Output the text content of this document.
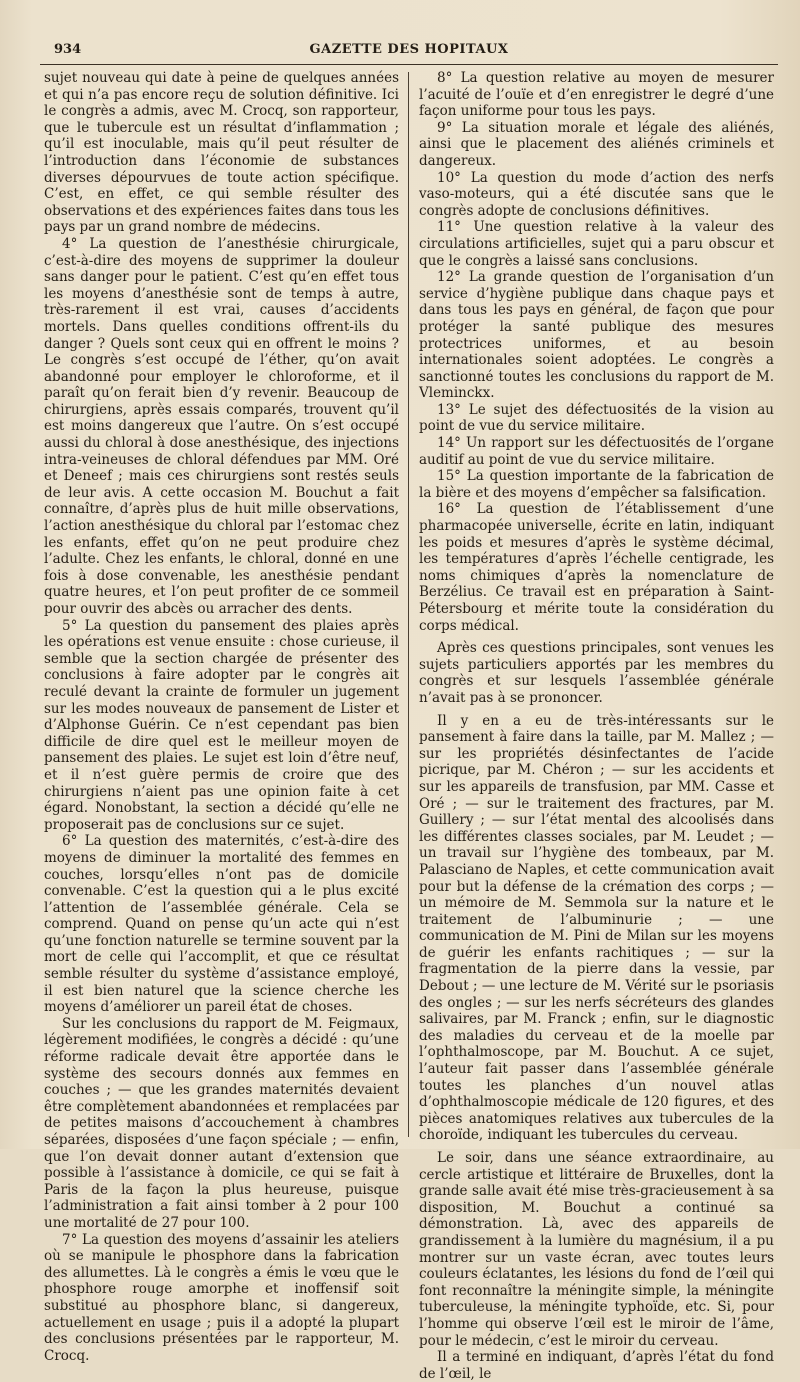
934	GAZETTE DES HOPITAUX

sujet nouveau qui date à peine de quelques années et qui n’a pas encore reçu de solution définitive. Ici le congrès a admis, avec M. Crocq, son rapporteur, que le tubercule est un résultat d’inflammation ; qu’il est inoculable, mais qu’il peut résulter de l’introduction dans l’économie de substances diverses dépourvues de toute action spécifique. C’est, en effet, ce qui semble résulter des observations et des expériences faites dans tous les pays par un grand nombre de médecins.

4° La question de l’anesthésie chirurgicale, c’est-à-dire des moyens de supprimer la douleur sans danger pour le patient. C’est qu’en effet tous les moyens d’anesthésie sont de temps à autre, très-rarement il est vrai, causes d’accidents mortels. Dans quelles conditions offrent-ils du danger ? Quels sont ceux qui en offrent le moins ? Le congrès s’est occupé de l’éther, qu’on avait abandonné pour employer le chloroforme, et il paraît qu’on ferait bien d’y revenir. Beaucoup de chirurgiens, après essais comparés, trouvent qu’il est moins dangereux que l’autre. On s’est occupé aussi du chloral à dose anesthésique, des injections intra-veineuses de chloral défendues par MM. Oré et Deneef ; mais ces chirurgiens sont restés seuls de leur avis. A cette occasion M. Bouchut a fait connaître, d’après plus de huit mille observations, l’action anesthésique du chloral par l’estomac chez les enfants, effet qu’on ne peut produire chez l’adulte. Chez les enfants, le chloral, donné en une fois à dose convenable, les anesthésie pendant quatre heures, et l’on peut profiter de ce sommeil pour ouvrir des abcès ou arracher des dents.

5° La question du pansement des plaies après les opérations est venue ensuite : chose curieuse, il semble que la section chargée de présenter des conclusions à faire adopter par le congrès ait reculé devant la crainte de formuler un jugement sur les modes nouveaux de pansement de Lister et d’Alphonse Guérin. Ce n’est cependant pas bien difficile de dire quel est le meilleur moyen de pansement des plaies. Le sujet est loin d’être neuf, et il n’est guère permis de croire que des chirurgiens n’aient pas une opinion faite à cet égard. Nonobstant, la section a décidé qu’elle ne proposerait pas de conclusions sur ce sujet.

6° La question des maternités, c’est-à-dire des moyens de diminuer la mortalité des femmes en couches, lorsqu’elles n’ont pas de domicile convenable. C’est la question qui a le plus excité l’attention de l’assemblée générale. Cela se comprend. Quand on pense qu’un acte qui n’est qu’une fonction naturelle se termine souvent par la mort de celle qui l’accomplit, et que ce résultat semble résulter du système d’assistance employé, il est bien naturel que la science cherche les moyens d’améliorer un pareil état de choses.

Sur les conclusions du rapport de M. Feigmaux, légèrement modifiées, le congrès a décidé : qu’une réforme radicale devait être apportée dans le système des secours donnés aux femmes en couches ; — que les grandes maternités devaient être complètement abandonnées et remplacées par de petites maisons d’accouchement à chambres séparées, disposées d’une façon spéciale ; — enfin, que l’on devait donner autant d’extension que possible à l’assistance à domicile, ce qui se fait à Paris de la façon la plus heureuse, puisque l’administration a fait ainsi tomber à 2 pour 100 une mortalité de 27 pour 100.

7° La question des moyens d’assainir les ateliers où se manipule le phosphore dans la fabrication des allumettes. Là le congrès a émis le vœu que le phosphore rouge amorphe et inoffensif soit substitué au phosphore blanc, si dangereux, actuellement en usage ; puis il a adopté la plupart des conclusions présentées par le rapporteur, M. Crocq.

8° La question relative au moyen de mesurer l’acuité de l’ouïe et d’en enregistrer le degré d’une façon uniforme pour tous les pays.

9° La situation morale et légale des aliénés, ainsi que le placement des aliénés criminels et dangereux.

10° La question du mode d’action des nerfs vaso-moteurs, qui a été discutée sans que le congrès adopte de conclusions définitives.

11° Une question relative à la valeur des circulations artificielles, sujet qui a paru obscur et que le congrès a laissé sans conclusions.

12° La grande question de l’organisation d’un service d’hygiène publique dans chaque pays et dans tous les pays en général, de façon que pour protéger la santé publique des mesures protectrices uniformes, et au besoin internationales soient adoptées. Le congrès a sanctionné toutes les conclusions du rapport de M. Vleminckx.

13° Le sujet des défectuosités de la vision au point de vue du service militaire.

14° Un rapport sur les défectuosités de l’organe auditif au point de vue du service militaire.

15° La question importante de la fabrication de la bière et des moyens d’empêcher sa falsification.

16° La question de l’établissement d’une pharmacopée universelle, écrite en latin, indiquant les poids et mesures d’après le système décimal, les températures d’après l’échelle centigrade, les noms chimiques d’après la nomenclature de Berzélius. Ce travail est en préparation à Saint-Pétersbourg et mérite toute la considération du corps médical.

Après ces questions principales, sont venues les sujets particuliers apportés par les membres du congrès et sur lesquels l’assemblée générale n’avait pas à se prononcer.

Il y en a eu de très-intéressants sur le pansement à faire dans la taille, par M. Mallez ; — sur les propriétés désinfectantes de l’acide picrique, par M. Chéron ; — sur les accidents et sur les appareils de transfusion, par MM. Casse et Oré ; — sur le traitement des fractures, par M. Guillery ; — sur l’état mental des alcoolisés dans les différentes classes sociales, par M. Leudet ; — un travail sur l’hygiène des tombeaux, par M. Palasciano de Naples, et cette communication avait pour but la défense de la crémation des corps ; — un mémoire de M. Semmola sur la nature et le traitement de l’albuminurie ; — une communication de M. Pini de Milan sur les moyens de guérir les enfants rachitiques ; — sur la fragmentation de la pierre dans la vessie, par Debout ; — une lecture de M. Vérité sur le psoriasis des ongles ; — sur les nerfs sécréteurs des glandes salivaires, par M. Franck ; enfin, sur le diagnostic des maladies du cerveau et de la moelle par l’ophthalmoscope, par M. Bouchut. A ce sujet, l’auteur fait passer dans l’assemblée générale toutes les planches d’un nouvel atlas d’ophthalmoscopie médicale de 120 figures, et des pièces anatomiques relatives aux tubercules de la choroïde, indiquant les tubercules du cerveau.

Le soir, dans une séance extraordinaire, au cercle artistique et littéraire de Bruxelles, dont la grande salle avait été mise très-gracieusement à sa disposition, M. Bouchut a continué sa démonstration. Là, avec des appareils de grandissement à la lumière du magnésium, il a pu montrer sur un vaste écran, avec toutes leurs couleurs éclatantes, les lésions du fond de l’œil qui font reconnaître la méningite simple, la méningite tuberculeuse, la méningite typhoïde, etc. Si, pour l’homme qui observe l’œil est le miroir de l’âme, pour le médecin, c’est le miroir du cerveau.

Il a terminé en indiquant, d’après l’état du fond de l’œil, le
